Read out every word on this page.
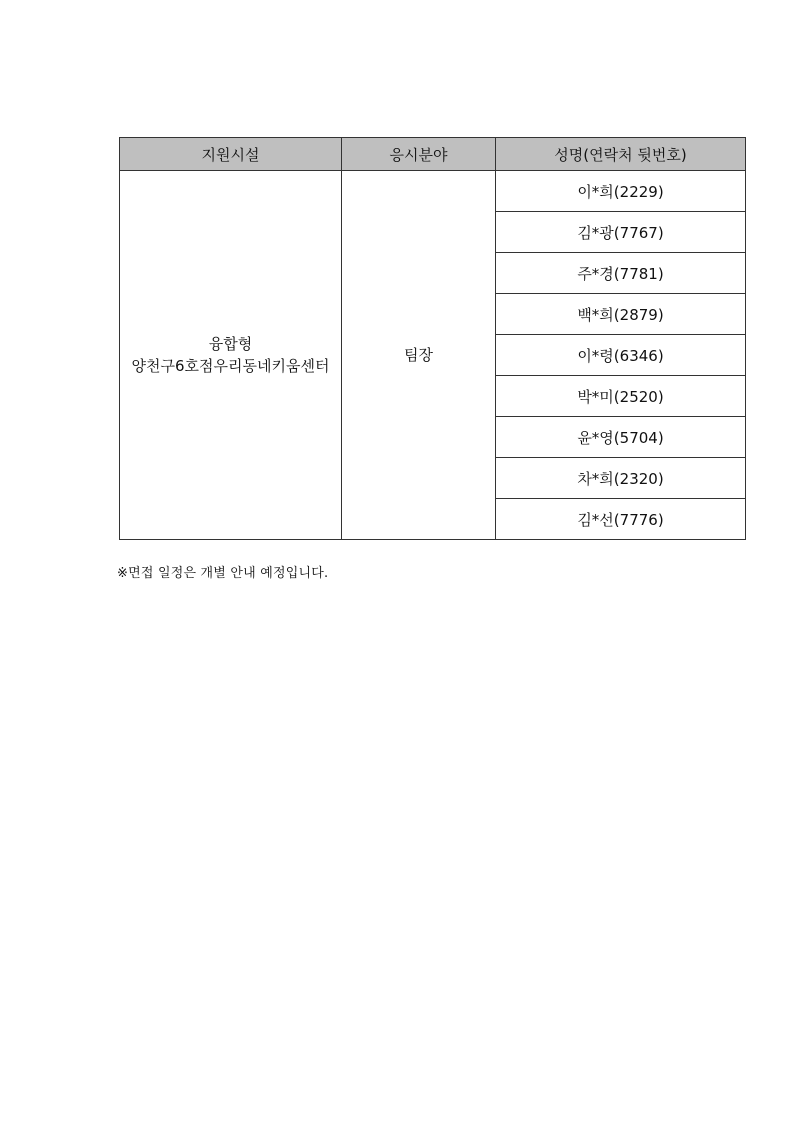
지원시설	응시분야	성명(연락처 뒷번호)

융합형
양천구6호점우리동네키움센터	팀장	이*희(2229)
		김*광(7767)
		주*경(7781)
		백*희(2879)
		이*령(6346)
		박*미(2520)
		윤*영(5704)
		차*희(2320)
		김*선(7776)
※면접 일정은 개별 안내 예정입니다.
